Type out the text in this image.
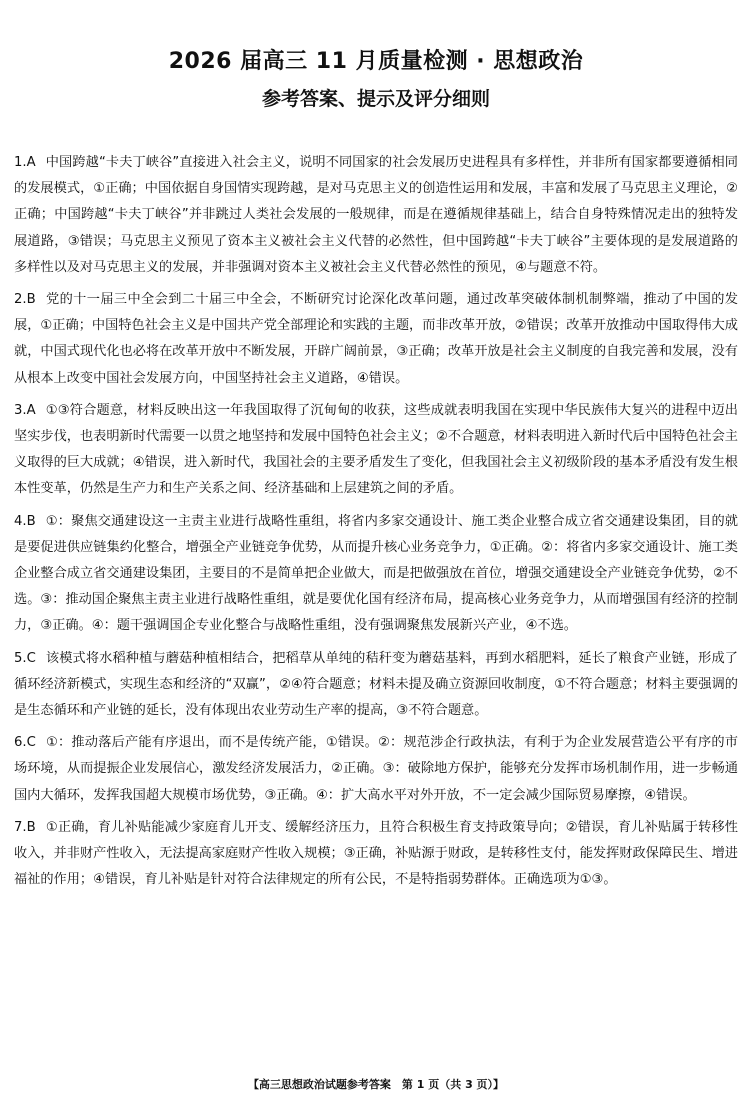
2026 届高三 11 月质量检测 · 思想政治
参考答案、提示及评分细则

1.A 中国跨越“卡夫丁峡谷”直接进入社会主义，说明不同国家的社会发展历史进程具有多样性，并非所有国家都要遵循相同的发展模式，①正确；中国依据自身国情实现跨越，是对马克思主义的创造性运用和发展，丰富和发展了马克思主义理论，②正确；中国跨越“卡夫丁峡谷”并非跳过人类社会发展的一般规律，而是在遵循规律基础上，结合自身特殊情况走出的独特发展道路，③错误；马克思主义预见了资本主义被社会主义代替的必然性，但中国跨越“卡夫丁峡谷”主要体现的是发展道路的多样性以及对马克思主义的发展，并非强调对资本主义被社会主义代替必然性的预见，④与题意不符。

2.B 党的十一届三中全会到二十届三中全会，不断研究讨论深化改革问题，通过改革突破体制机制弊端，推动了中国的发展，①正确；中国特色社会主义是中国共产党全部理论和实践的主题，而非改革开放，②错误；改革开放推动中国取得伟大成就，中国式现代化也必将在改革开放中不断发展，开辟广阔前景，③正确；改革开放是社会主义制度的自我完善和发展，没有从根本上改变中国社会发展方向，中国坚持社会主义道路，④错误。

3.A ①③符合题意，材料反映出这一年我国取得了沉甸甸的收获，这些成就表明我国在实现中华民族伟大复兴的进程中迈出坚实步伐，也表明新时代需要一以贯之地坚持和发展中国特色社会主义；②不合题意，材料表明进入新时代后中国特色社会主义取得的巨大成就；④错误，进入新时代，我国社会的主要矛盾发生了变化，但我国社会主义初级阶段的基本矛盾没有发生根本性变革，仍然是生产力和生产关系之间、经济基础和上层建筑之间的矛盾。

4.B ①：聚焦交通建设这一主责主业进行战略性重组，将省内多家交通设计、施工类企业整合成立省交通建设集团，目的就是要促进供应链集约化整合，增强全产业链竞争优势，从而提升核心业务竞争力，①正确。②：将省内多家交通设计、施工类企业整合成立省交通建设集团，主要目的不是简单把企业做大，而是把做强放在首位，增强交通建设全产业链竞争优势，②不选。③：推动国企聚焦主责主业进行战略性重组，就是要优化国有经济布局，提高核心业务竞争力，从而增强国有经济的控制力，③正确。④：题干强调国企专业化整合与战略性重组，没有强调聚焦发展新兴产业，④不选。

5.C 该模式将水稻种植与蘑菇种植相结合，把稻草从单纯的秸秆变为蘑菇基料，再到水稻肥料，延长了粮食产业链，形成了循环经济新模式，实现生态和经济的“双赢”，②④符合题意；材料未提及确立资源回收制度，①不符合题意；材料主要强调的是生态循环和产业链的延长，没有体现出农业劳动生产率的提高，③不符合题意。

6.C ①：推动落后产能有序退出，而不是传统产能，①错误。②：规范涉企行政执法，有利于为企业发展营造公平有序的市场环境，从而提振企业发展信心，激发经济发展活力，②正确。③：破除地方保护，能够充分发挥市场机制作用，进一步畅通国内大循环，发挥我国超大规模市场优势，③正确。④：扩大高水平对外开放，不一定会减少国际贸易摩擦，④错误。

7.B ①正确，育儿补贴能减少家庭育儿开支、缓解经济压力，且符合积极生育支持政策导向；②错误，育儿补贴属于转移性收入，并非财产性收入，无法提高家庭财产性收入规模；③正确，补贴源于财政，是转移性支付，能发挥财政保障民生、增进福祉的作用；④错误，育儿补贴是针对符合法律规定的所有公民，不是特指弱势群体。正确选项为①③。

【高三思想政治试题参考答案　第 1 页（共 3 页）】
